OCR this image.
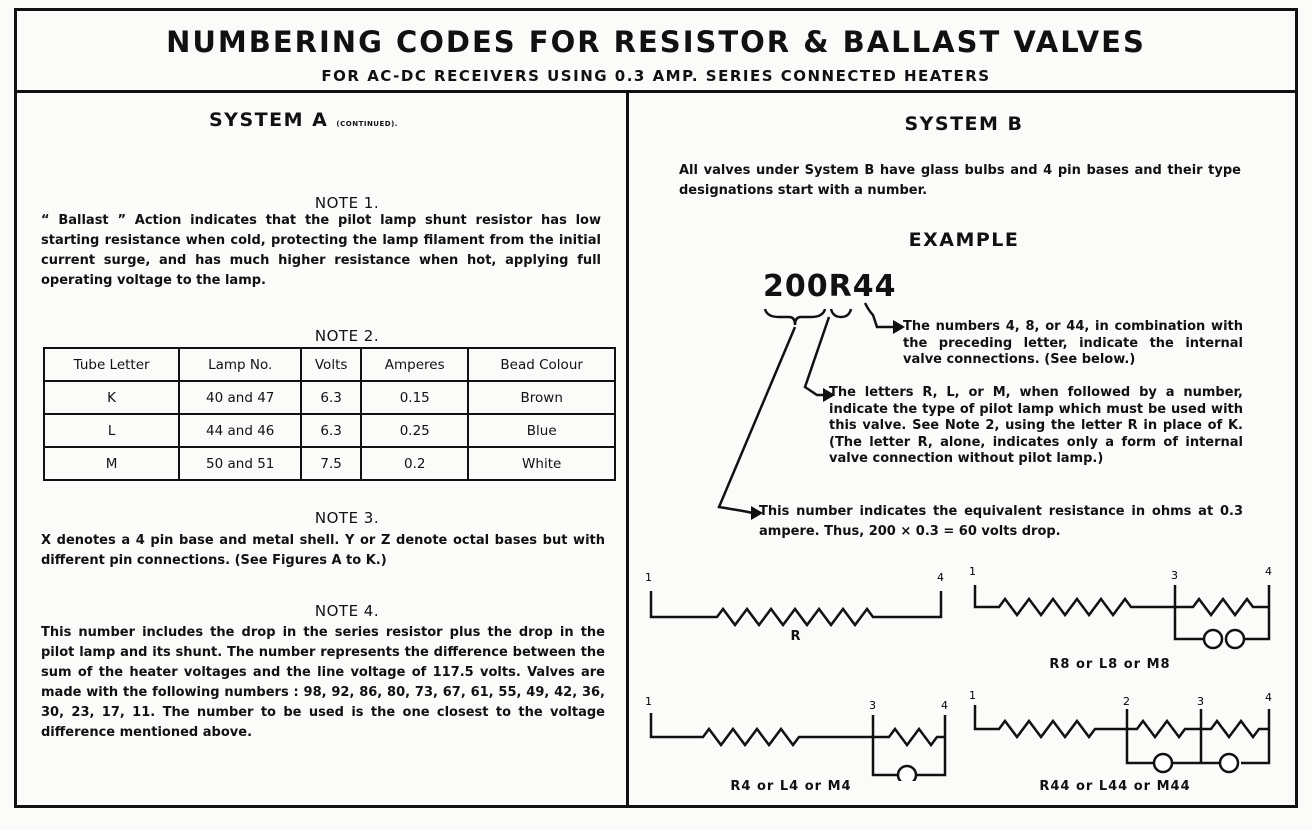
NUMBERING CODES FOR RESISTOR & BALLAST VALVES
FOR AC-DC RECEIVERS USING 0.3 AMP. SERIES CONNECTED HEATERS
SYSTEM A (CONTINUED).
NOTE 1.
“ Ballast ” Action indicates that the pilot lamp shunt resistor has low starting resistance when cold, protecting the lamp filament from the initial current surge, and has much higher resistance when hot, applying full operating voltage to the lamp.
NOTE 2.
Tube Letter	Lamp No.	Volts	Amperes	Bead Colour
K	40 and 47	6.3	0.15	Brown
L	44 and 46	6.3	0.25	Blue
M	50 and 51	7.5	0.2	White
NOTE 3.
X denotes a 4 pin base and metal shell. Y or Z denote octal bases but with different pin connections. (See Figures A to K.)
NOTE 4.
This number includes the drop in the series resistor plus the drop in the pilot lamp and its shunt. The number represents the difference between the sum of the heater voltages and the line voltage of 117.5 volts. Valves are made with the following numbers : 98, 92, 86, 80, 73, 67, 61, 55, 49, 42, 36, 30, 23, 17, 11. The number to be used is the one closest to the voltage difference mentioned above.
SYSTEM B
All valves under System B have glass bulbs and 4 pin bases and their type designations start with a number.
EXAMPLE
200R44
The numbers 4, 8, or 44, in combination with the preceding letter, indicate the internal valve connections. (See below.)
The letters R, L, or M, when followed by a number, indicate the type of pilot lamp which must be used with this valve. See Note 2, using the letter R in place of K. (The letter R, alone, indicates only a form of internal valve connection without pilot lamp.)
This number indicates the equivalent resistance in ohms at 0.3 ampere. Thus, 200 × 0.3 = 60 volts drop.
1	4
R
1	3	4
R8 or L8 or M8
1	3	4
R4 or L4 or M4
1	2	3	4
R44 or L44 or M44
